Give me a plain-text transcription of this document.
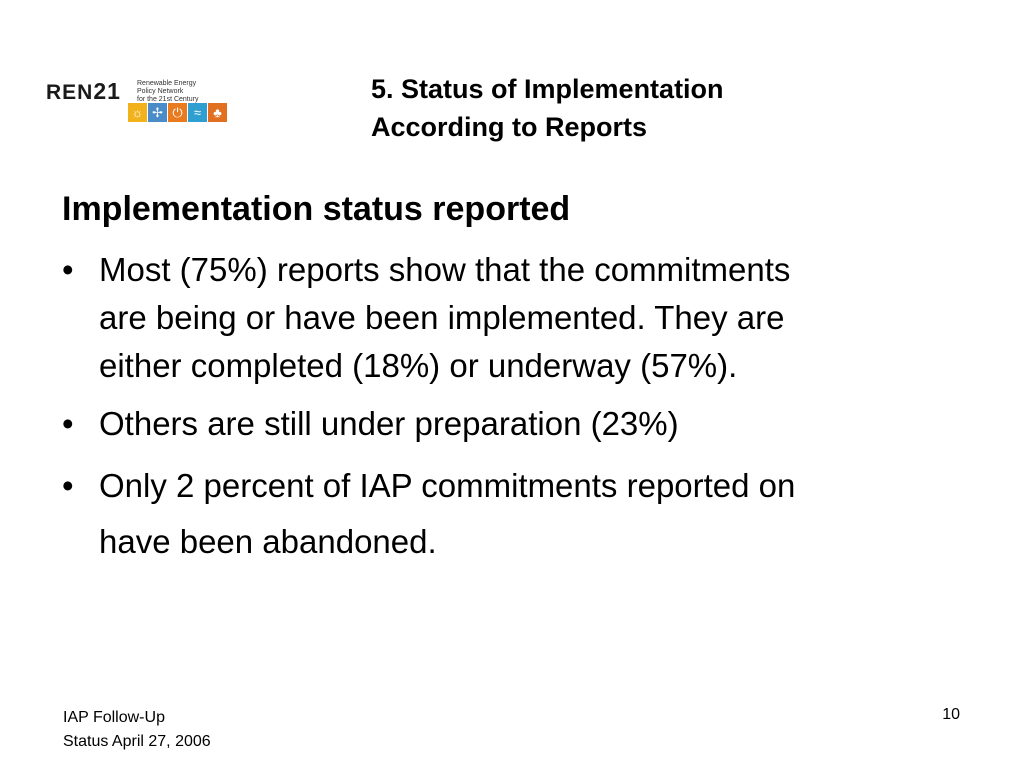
REN21 Renewable Energy
Policy Network
for the 21st Century
☼ ✢ ⏻ ≈ ♣
5. Status of Implementation
According to Reports
Implementation status reported
• Most (75%) reports show that the commitments
are being or have been implemented. They are
either completed (18%) or underway (57%).
• Others are still under preparation (23%)
• Only 2 percent of IAP commitments reported on
have been abandoned.
IAP Follow-Up
Status April 27, 2006
10
